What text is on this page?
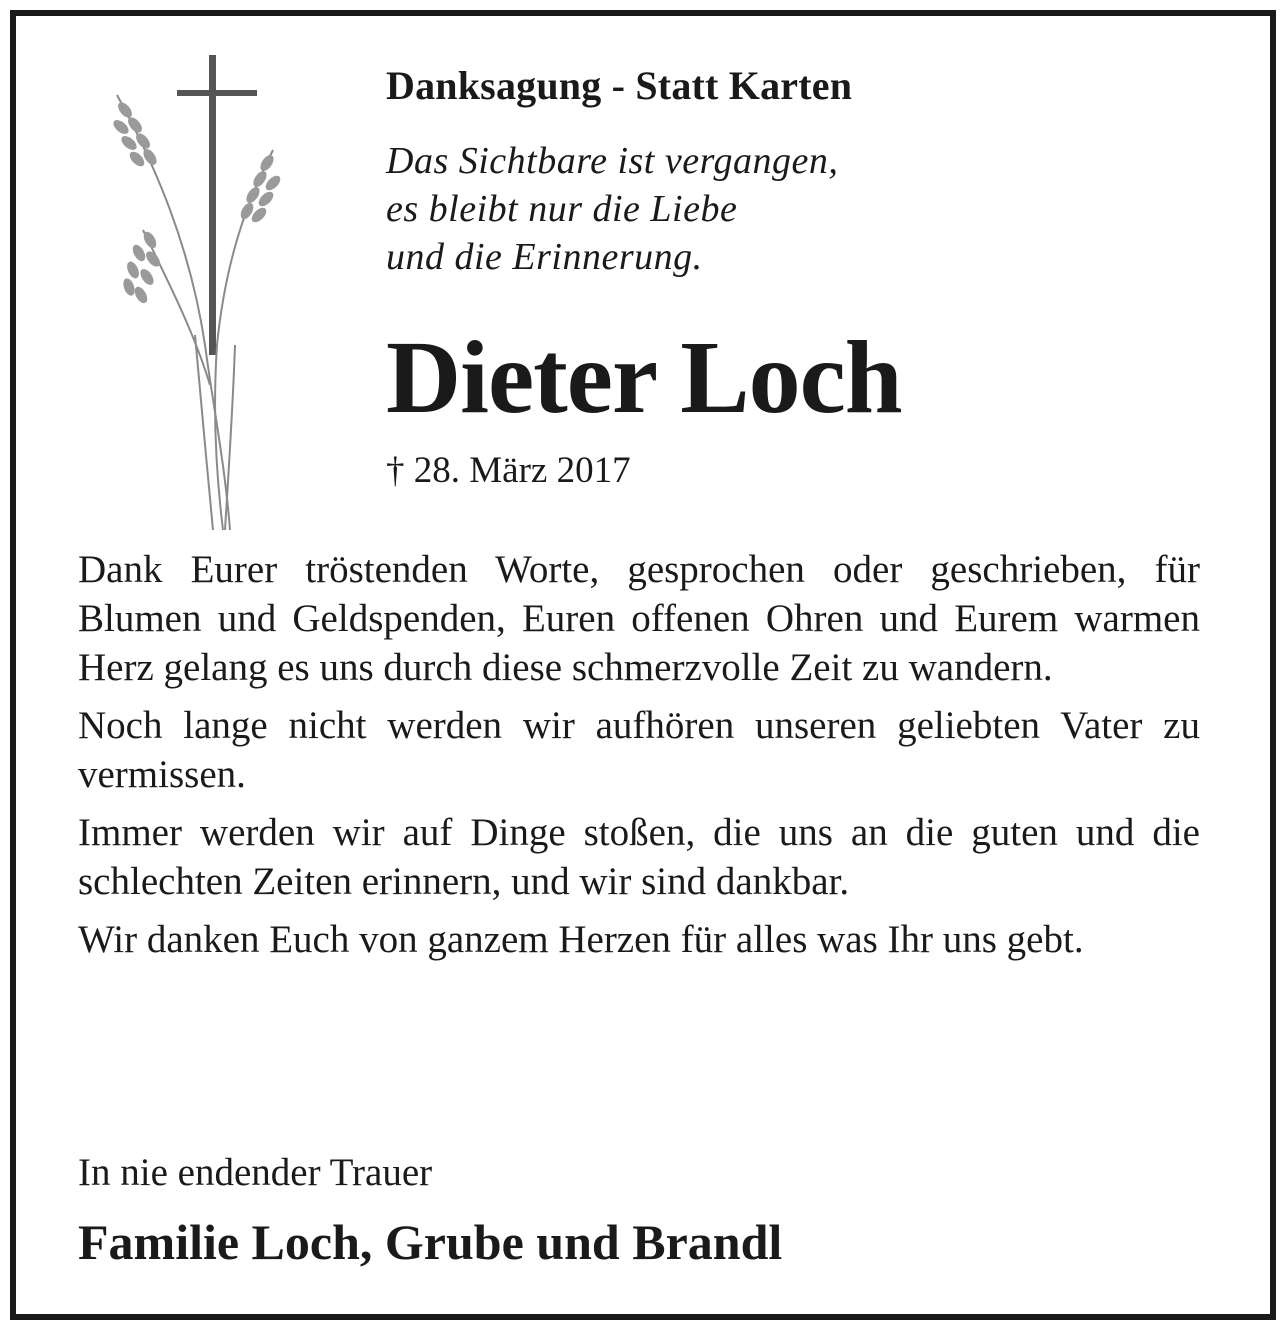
Danksagung - Statt Karten
Das Sichtbare ist vergangen,
es bleibt nur die Liebe
und die Erinnerung.
Dieter Loch
† 28. März 2017

Dank Eurer tröstenden Worte, gesprochen oder geschrieben, für Blumen und Geldspenden, Euren offenen Ohren und Eurem warmen Herz gelang es uns durch diese schmerzvolle Zeit zu wandern.

Noch lange nicht werden wir aufhören unseren geliebten Vater zu vermissen.

Immer werden wir auf Dinge stoßen, die uns an die guten und die schlechten Zeiten erinnern, und wir sind dankbar.

Wir danken Euch von ganzem Herzen für alles was Ihr uns gebt.

In nie endender Trauer
Familie Loch, Grube und Brandl
